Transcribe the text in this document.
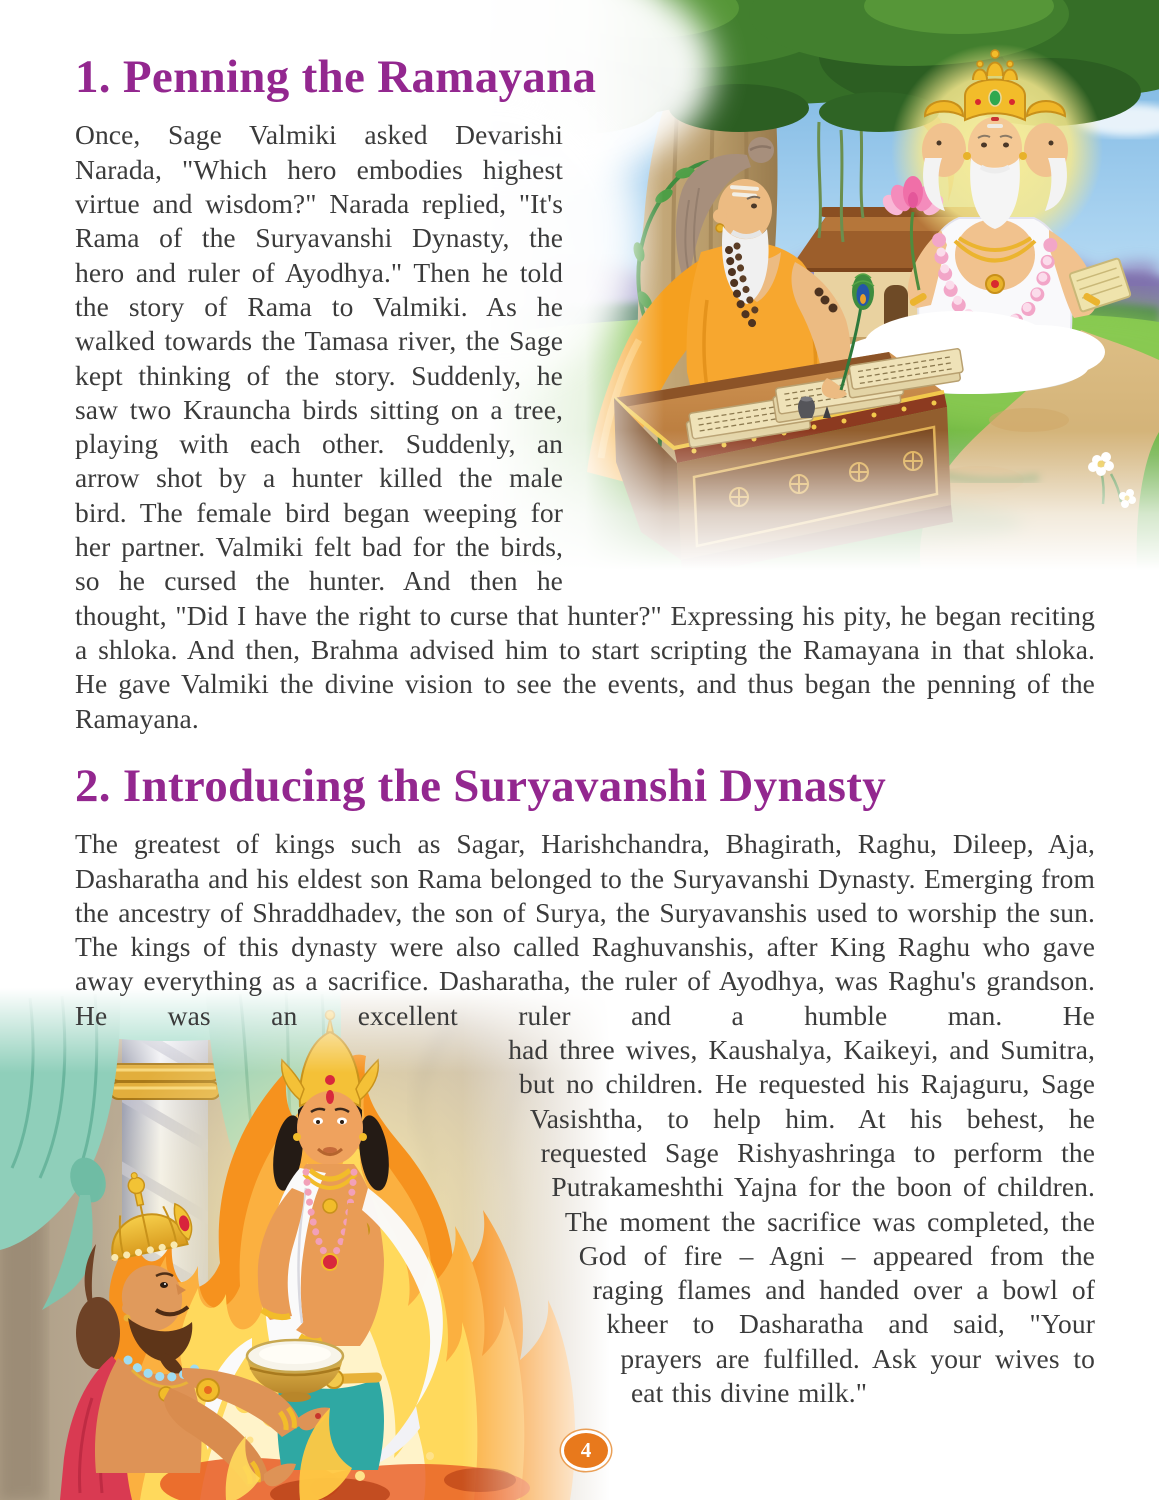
1. Penning the Ramayana

Once, Sage Valmiki asked Devarishi Narada, "Which hero embodies highest virtue and wisdom?" Narada replied, "It's Rama of the Suryavanshi Dynasty, the hero and ruler of Ayodhya." Then he told the story of Rama to Valmiki. As he walked towards the Tamasa river, the Sage kept thinking of the story. Suddenly, he saw two Krauncha birds sitting on a tree, playing with each other. Suddenly, an arrow shot by a hunter killed the male bird. The female bird began weeping for her partner. Valmiki felt bad for the birds, so he cursed the hunter. And then he thought, "Did I have the right to curse that hunter?" Expressing his pity, he began reciting a shloka. And then, Brahma advised him to start scripting the Ramayana in that shloka. He gave Valmiki the divine vision to see the events, and thus began the penning of the Ramayana.

2. Introducing the Suryavanshi Dynasty

The greatest of kings such as Sagar, Harishchandra, Bhagirath, Raghu, Dileep, Aja, Dasharatha and his eldest son Rama belonged to the Suryavanshi Dynasty. Emerging from the ancestry of Shraddhadev, the son of Surya, the Suryavanshis used to worship the sun. The kings of this dynasty were also called Raghuvanshis, after King Raghu who gave away everything as a sacrifice. Dasharatha, the ruler of Ayodhya, was Raghu's grandson. He was an excellent ruler and a humble man. He

had three wives, Kaushalya, Kaikeyi, and Sumitra, but no children. He requested his Rajaguru, Sage Vasishtha, to help him. At his behest, he requested Sage Rishyashringa to perform the Putrakameshthi Yajna for the boon of children. The moment the sacrifice was completed, the God of fire – Agni – appeared from the raging flames and handed over a bowl of kheer to Dasharatha and said, "Your prayers are fulfilled. Ask your wives to eat this divine milk."
4
